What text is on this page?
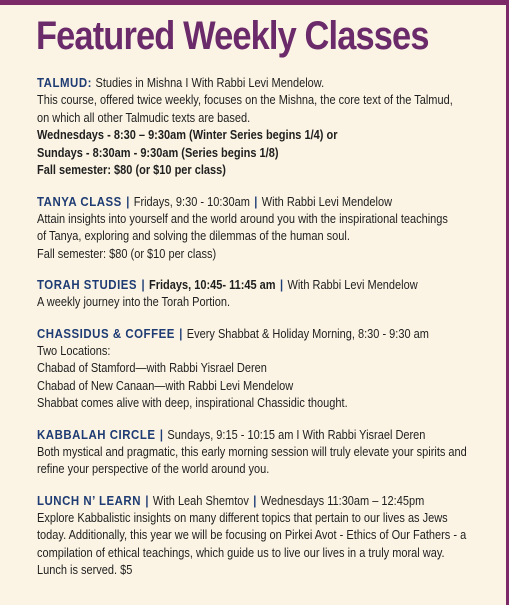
Featured Weekly Classes
TALMUD: Studies in Mishna I With Rabbi Levi Mendelow.
This course, offered twice weekly, focuses on the Mishna, the core text of the Talmud,
on which all other Talmudic texts are based.
Wednesdays - 8:30 – 9:30am (Winter Series begins 1/4) or
Sundays - 8:30am - 9:30am (Series begins 1/8)
Fall semester: $80 (or $10 per class)
TANYA CLASS | Fridays, 9:30 - 10:30am | With Rabbi Levi Mendelow
Attain insights into yourself and the world around you with the inspirational teachings
of Tanya, exploring and solving the dilemmas of the human soul.
Fall semester: $80 (or $10 per class)
TORAH STUDIES | Fridays, 10:45- 11:45 am | With Rabbi Levi Mendelow
A weekly journey into the Torah Portion.
CHASSIDUS & COFFEE | Every Shabbat & Holiday Morning, 8:30 - 9:30 am
Two Locations:
Chabad of Stamford—with Rabbi Yisrael Deren
Chabad of New Canaan—with Rabbi Levi Mendelow
Shabbat comes alive with deep, inspirational Chassidic thought.
KABBALAH CIRCLE | Sundays, 9:15 - 10:15 am I With Rabbi Yisrael Deren
Both mystical and pragmatic, this early morning session will truly elevate your spirits and
refine your perspective of the world around you.
LUNCH N’ LEARN | With Leah Shemtov | Wednesdays 11:30am – 12:45pm
Explore Kabbalistic insights on many different topics that pertain to our lives as Jews
today. Additionally, this year we will be focusing on Pirkei Avot - Ethics of Our Fathers - a
compilation of ethical teachings, which guide us to live our lives in a truly moral way.
Lunch is served. $5
